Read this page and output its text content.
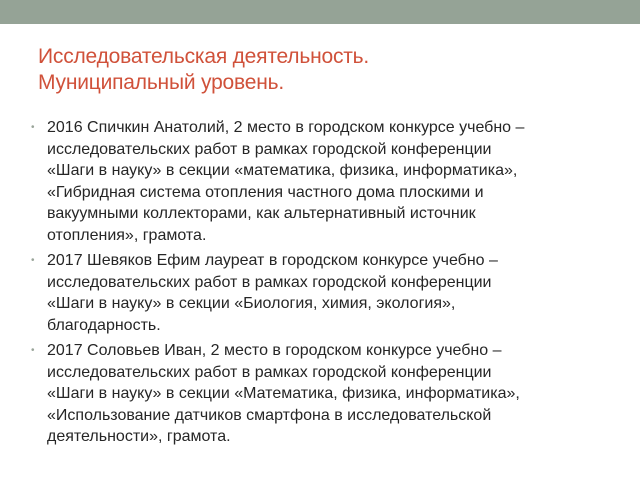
Исследовательская деятельность.
Муниципальный уровень.
• 2016 Спичкин Анатолий, 2 место в городском конкурсе учебно –
исследовательских работ в рамках городской конференции
«Шаги в науку» в секции «математика, физика, информатика»,
«Гибридная система отопления частного дома плоскими и
вакуумными коллекторами, как альтернативный источник
отопления», грамота.
• 2017 Шевяков Ефим лауреат в городском конкурсе учебно –
исследовательских работ в рамках городской конференции
«Шаги в науку» в секции «Биология, химия, экология»,
благодарность.
• 2017 Соловьев Иван, 2 место в городском конкурсе учебно –
исследовательских работ в рамках городской конференции
«Шаги в науку» в секции «Математика, физика, информатика»,
«Использование датчиков смартфона в исследовательской
деятельности», грамота.
